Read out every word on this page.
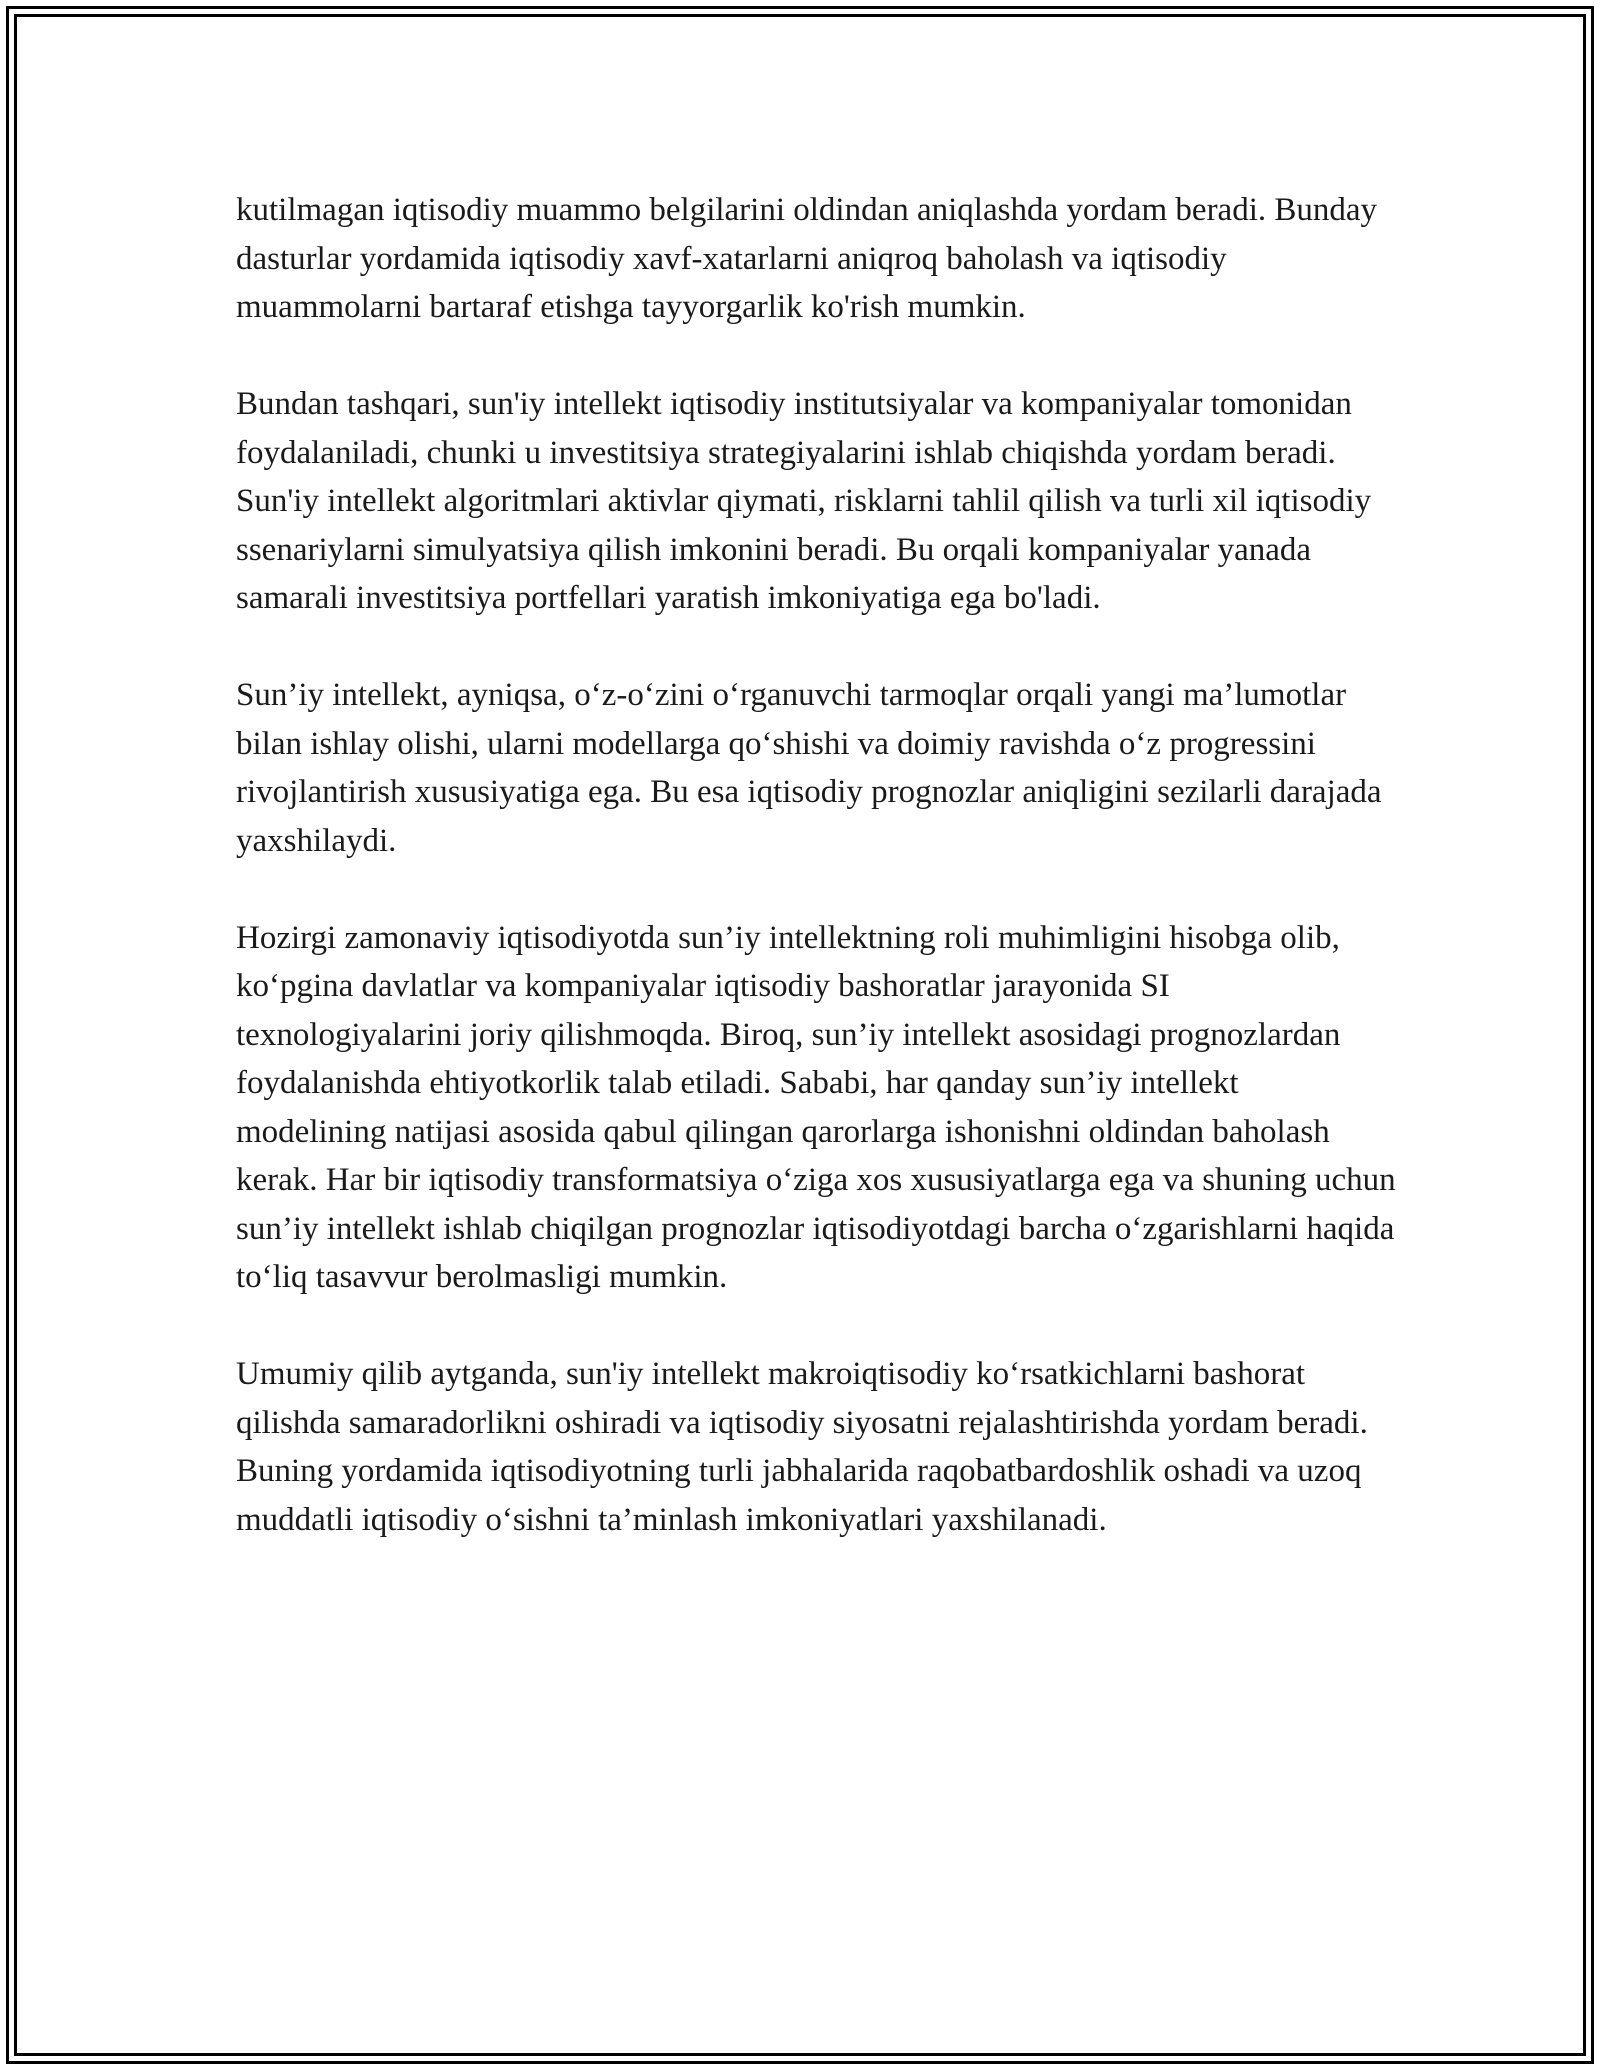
kutilmagan iqtisodiy muammo belgilarini oldindan aniqlashda yordam beradi. Bunday dasturlar yordamida iqtisodiy xavf-xatarlarni aniqroq baholash va iqtisodiy muammolarni bartaraf etishga tayyorgarlik ko'rish mumkin.

Bundan tashqari, sun'iy intellekt iqtisodiy institutsiyalar va kompaniyalar tomonidan foydalaniladi, chunki u investitsiya strategiyalarini ishlab chiqishda yordam beradi. Sun'iy intellekt algoritmlari aktivlar qiymati, risklarni tahlil qilish va turli xil iqtisodiy ssenariylarni simulyatsiya qilish imkonini beradi. Bu orqali kompaniyalar yanada samarali investitsiya portfellari yaratish imkoniyatiga ega bo'ladi.

Sun’iy intellekt, ayniqsa, o‘z-o‘zini o‘rganuvchi tarmoqlar orqali yangi ma’lumotlar bilan ishlay olishi, ularni modellarga qo‘shishi va doimiy ravishda o‘z progressini rivojlantirish xususiyatiga ega. Bu esa iqtisodiy prognozlar aniqligini sezilarli darajada yaxshilaydi.

Hozirgi zamonaviy iqtisodiyotda sun’iy intellektning roli muhimligini hisobga olib, ko‘pgina davlatlar va kompaniyalar iqtisodiy bashoratlar jarayonida SI texnologiyalarini joriy qilishmoqda. Biroq, sun’iy intellekt asosidagi prognozlardan foydalanishda ehtiyotkorlik talab etiladi. Sababi, har qanday sun’iy intellekt modelining natijasi asosida qabul qilingan qarorlarga ishonishni oldindan baholash kerak. Har bir iqtisodiy transformatsiya o‘ziga xos xususiyatlarga ega va shuning uchun sun’iy intellekt ishlab chiqilgan prognozlar iqtisodiyotdagi barcha o‘zgarishlarni haqida to‘liq tasavvur berolmasligi mumkin.

Umumiy qilib aytganda, sun'iy intellekt makroiqtisodiy ko‘rsatkichlarni bashorat qilishda samaradorlikni oshiradi va iqtisodiy siyosatni rejalashtirishda yordam beradi. Buning yordamida iqtisodiyotning turli jabhalarida raqobatbardoshlik oshadi va uzoq muddatli iqtisodiy o‘sishni ta’minlash imkoniyatlari yaxshilanadi.
